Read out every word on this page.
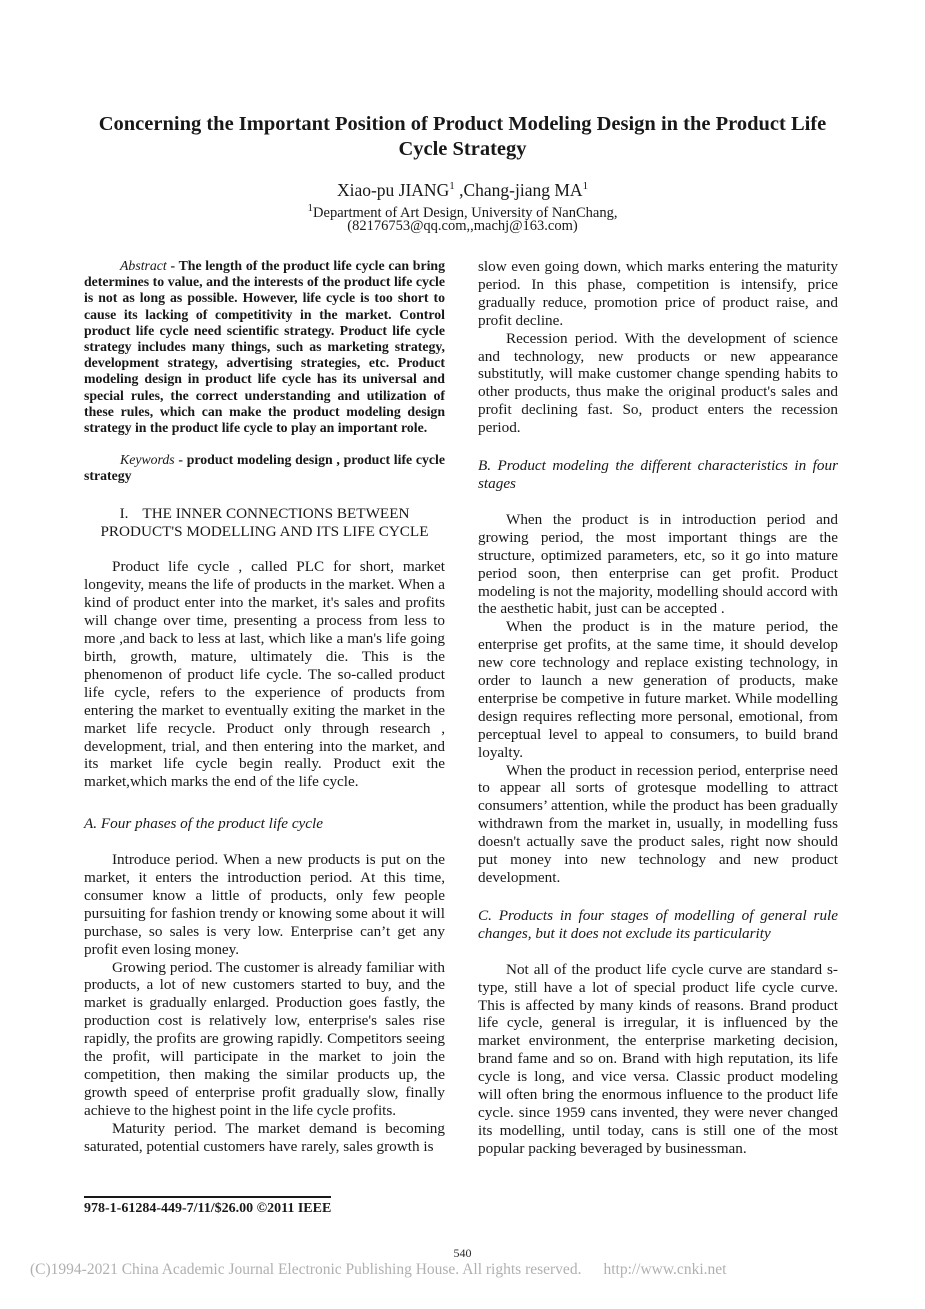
Concerning the Important Position of Product Modeling Design in the Product Life Cycle Strategy
Xiao-pu JIANG$^1$ ,Chang-jiang $MA^1$
$^1$Department of Art Design, University of NanChang,
(82176753@qq.com,,machj@163.com)

Abstract - The length of the product life cycle can bring determines to value, and the interests of the product life cycle is not as long as possible. However, life cycle is too short to cause its lacking of competitivity in the market. Control product life cycle need scientific strategy. Product life cycle strategy includes many things, such as marketing strategy, development strategy, advertising strategies, etc. Product modeling design in product life cycle has its universal and special rules, the correct understanding and utilization of these rules, which can make the product modeling design strategy in the product life cycle to play an important role.

Keywords - product modeling design , product life cycle strategy

I. THE INNER CONNECTIONS BETWEEN
PRODUCT'S MODELLING AND ITS LIFE CYCLE

Product life cycle , called PLC for short, market longevity, means the life of products in the market. When a kind of product enter into the market, it's sales and profits will change over time, presenting a process from less to more ,and back to less at last, which like a man's life going birth, growth, mature, ultimately die. This is the phenomenon of product life cycle. The so-called product life cycle, refers to the experience of products from entering the market to eventually exiting the market in the market life recycle. Product only through research , development, trial, and then entering into the market, and its market life cycle begin really. Product exit the market,which marks the end of the life cycle.

A. Four phases of the product life cycle

Introduce period. When a new products is put on the market, it enters the introduction period. At this time, consumer know a little of products, only few people pursuiting for fashion trendy or knowing some about it will purchase, so sales is very low. Enterprise can’t get any profit even losing money.

Growing period. The customer is already familiar with products, a lot of new customers started to buy, and the market is gradually enlarged. Production goes fastly, the production cost is relatively low, enterprise's sales rise rapidly, the profits are growing rapidly. Competitors seeing the profit, will participate in the market to join the competition, then making the similar products up, the growth speed of enterprise profit gradually slow, finally achieve to the highest point in the life cycle profits.

Maturity period. The market demand is becoming saturated, potential customers have rarely, sales growth is

slow even going down, which marks entering the maturity period. In this phase, competition is intensify, price gradually reduce, promotion price of product raise, and profit decline.

Recession period. With the development of science and technology, new products or new appearance substitutly, will make customer change spending habits to other products, thus make the original product's sales and profit declining fast. So, product enters the recession period.

B. Product modeling the different characteristics in four stages

When the product is in introduction period and growing period, the most important things are the structure, optimized parameters, etc, so it go into mature period soon, then enterprise can get profit. Product modeling is not the majority, modelling should accord with the aesthetic habit, just can be accepted .

When the product is in the mature period, the enterprise get profits, at the same time, it should develop new core technology and replace existing technology, in order to launch a new generation of products, make enterprise be competive in future market. While modelling design requires reflecting more personal, emotional, from perceptual level to appeal to consumers, to build brand loyalty.

When the product in recession period, enterprise need to appear all sorts of grotesque modelling to attract consumers’ attention, while the product has been gradually withdrawn from the market in, usually, in modelling fuss doesn't actually save the product sales, right now should put money into new technology and new product development.

C. Products in four stages of modelling of general rule changes, but it does not exclude its particularity

Not all of the product life cycle curve are standard s-type, still have a lot of special product life cycle curve. This is affected by many kinds of reasons. Brand product life cycle, general is irregular, it is influenced by the market environment, the enterprise marketing decision, brand fame and so on. Brand with high reputation, its life cycle is long, and vice versa. Classic product modeling will often bring the enormous influence to the product life cycle. since 1959 cans invented, they were never changed its modelling, until today, cans is still one of the most popular packing beveraged by businessman.

978-1-61284-449-7/11/$26.00 ©2011 IEEE
540
(C)1994-2021 China Academic Journal Electronic Publishing House. All rights reserved. http://www.cnki.net
